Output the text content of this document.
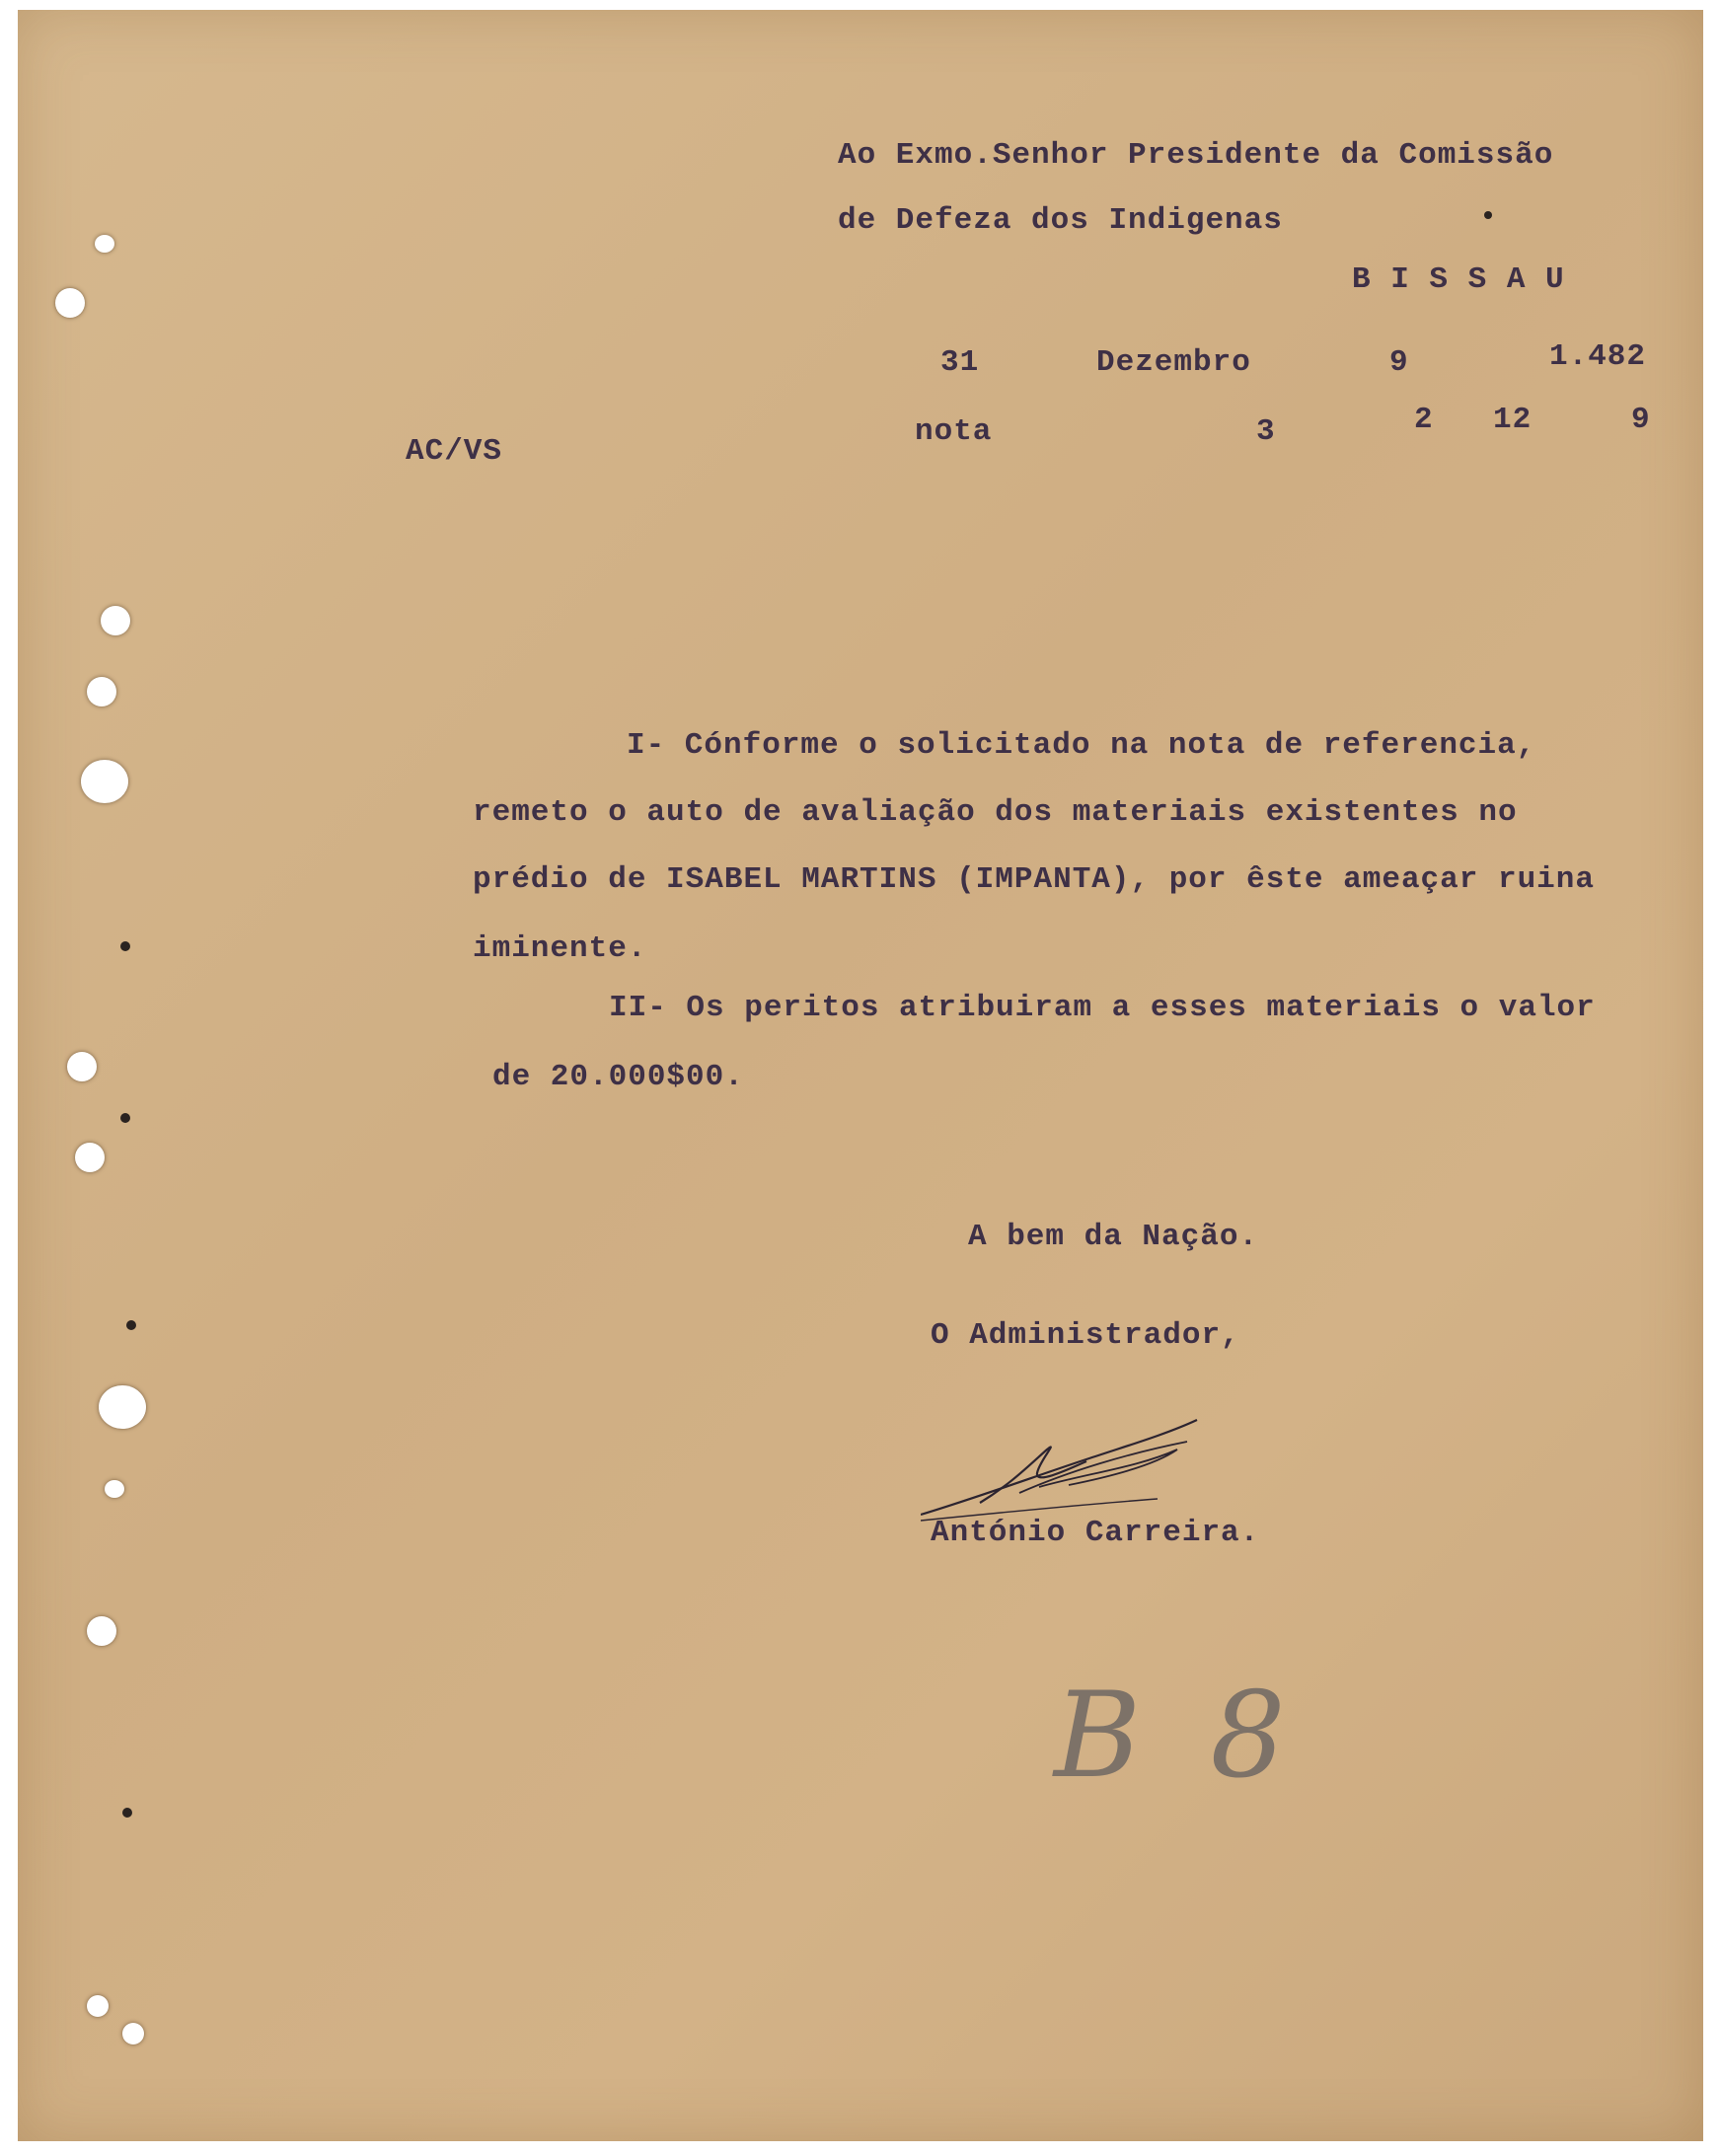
Ao Exmo.Senhor Presidente da Comissão
de Defeza dos Indigenas
B I S S A U
31	Dezembro	9	1.482
AC/VS
nota	3	2 12	9
I- Cónforme o solicitado na nota de referencia,
remeto o auto de avaliação dos materiais existentes no
prédio de ISABEL MARTINS (IMPANTA), por êste ameaçar ruina
iminente.
II- Os peritos atribuiram a esses materiais o valor
de 20.000$00.
A bem da Nação.
O Administrador,
António Carreira.
B 8
